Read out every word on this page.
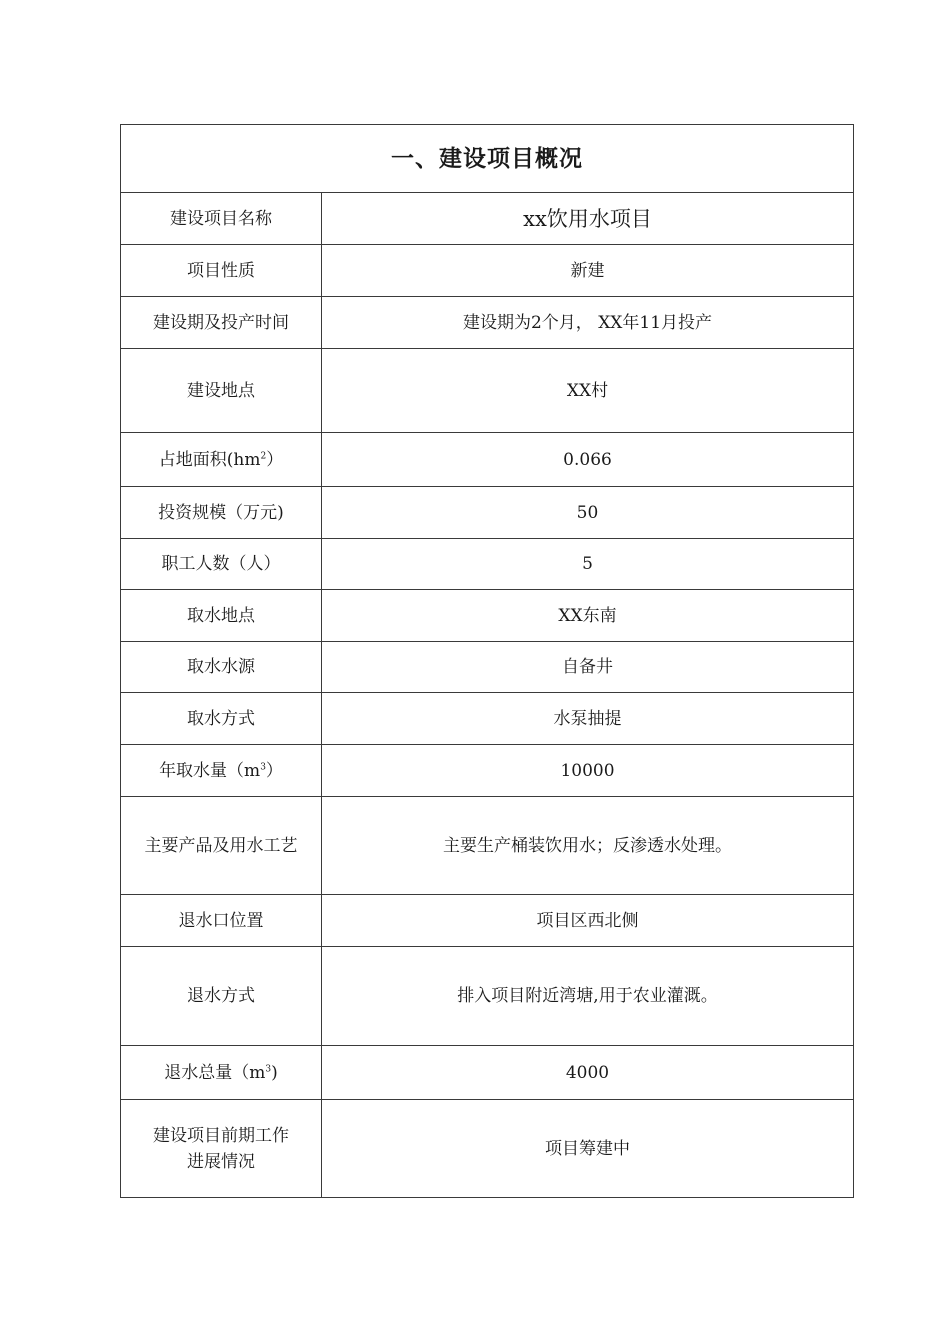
一、建设项目概况	
建设项目名称	xx饮用水项目
项目性质	新建
建设期及投产时间	建设期为2个月， XX年11月投产
建设地点	XX村
占地面积$(hm^2)$	0.066
投资规模（万元)	50
职工人数（人）	5
取水地点	XX东南
取水水源	自备井
取水方式	水泵抽提
年取水量$(m^3)$	10000
主要产品及用水工艺	主要生产桶装饮用水；反渗透水处理。
退水口位置	项目区西北侧
退水方式	排入项目附近湾塘,用于农业灌溉。
退水总量$(m^3)$	4000
建设项目前期工作
进展情况	项目筹建中
